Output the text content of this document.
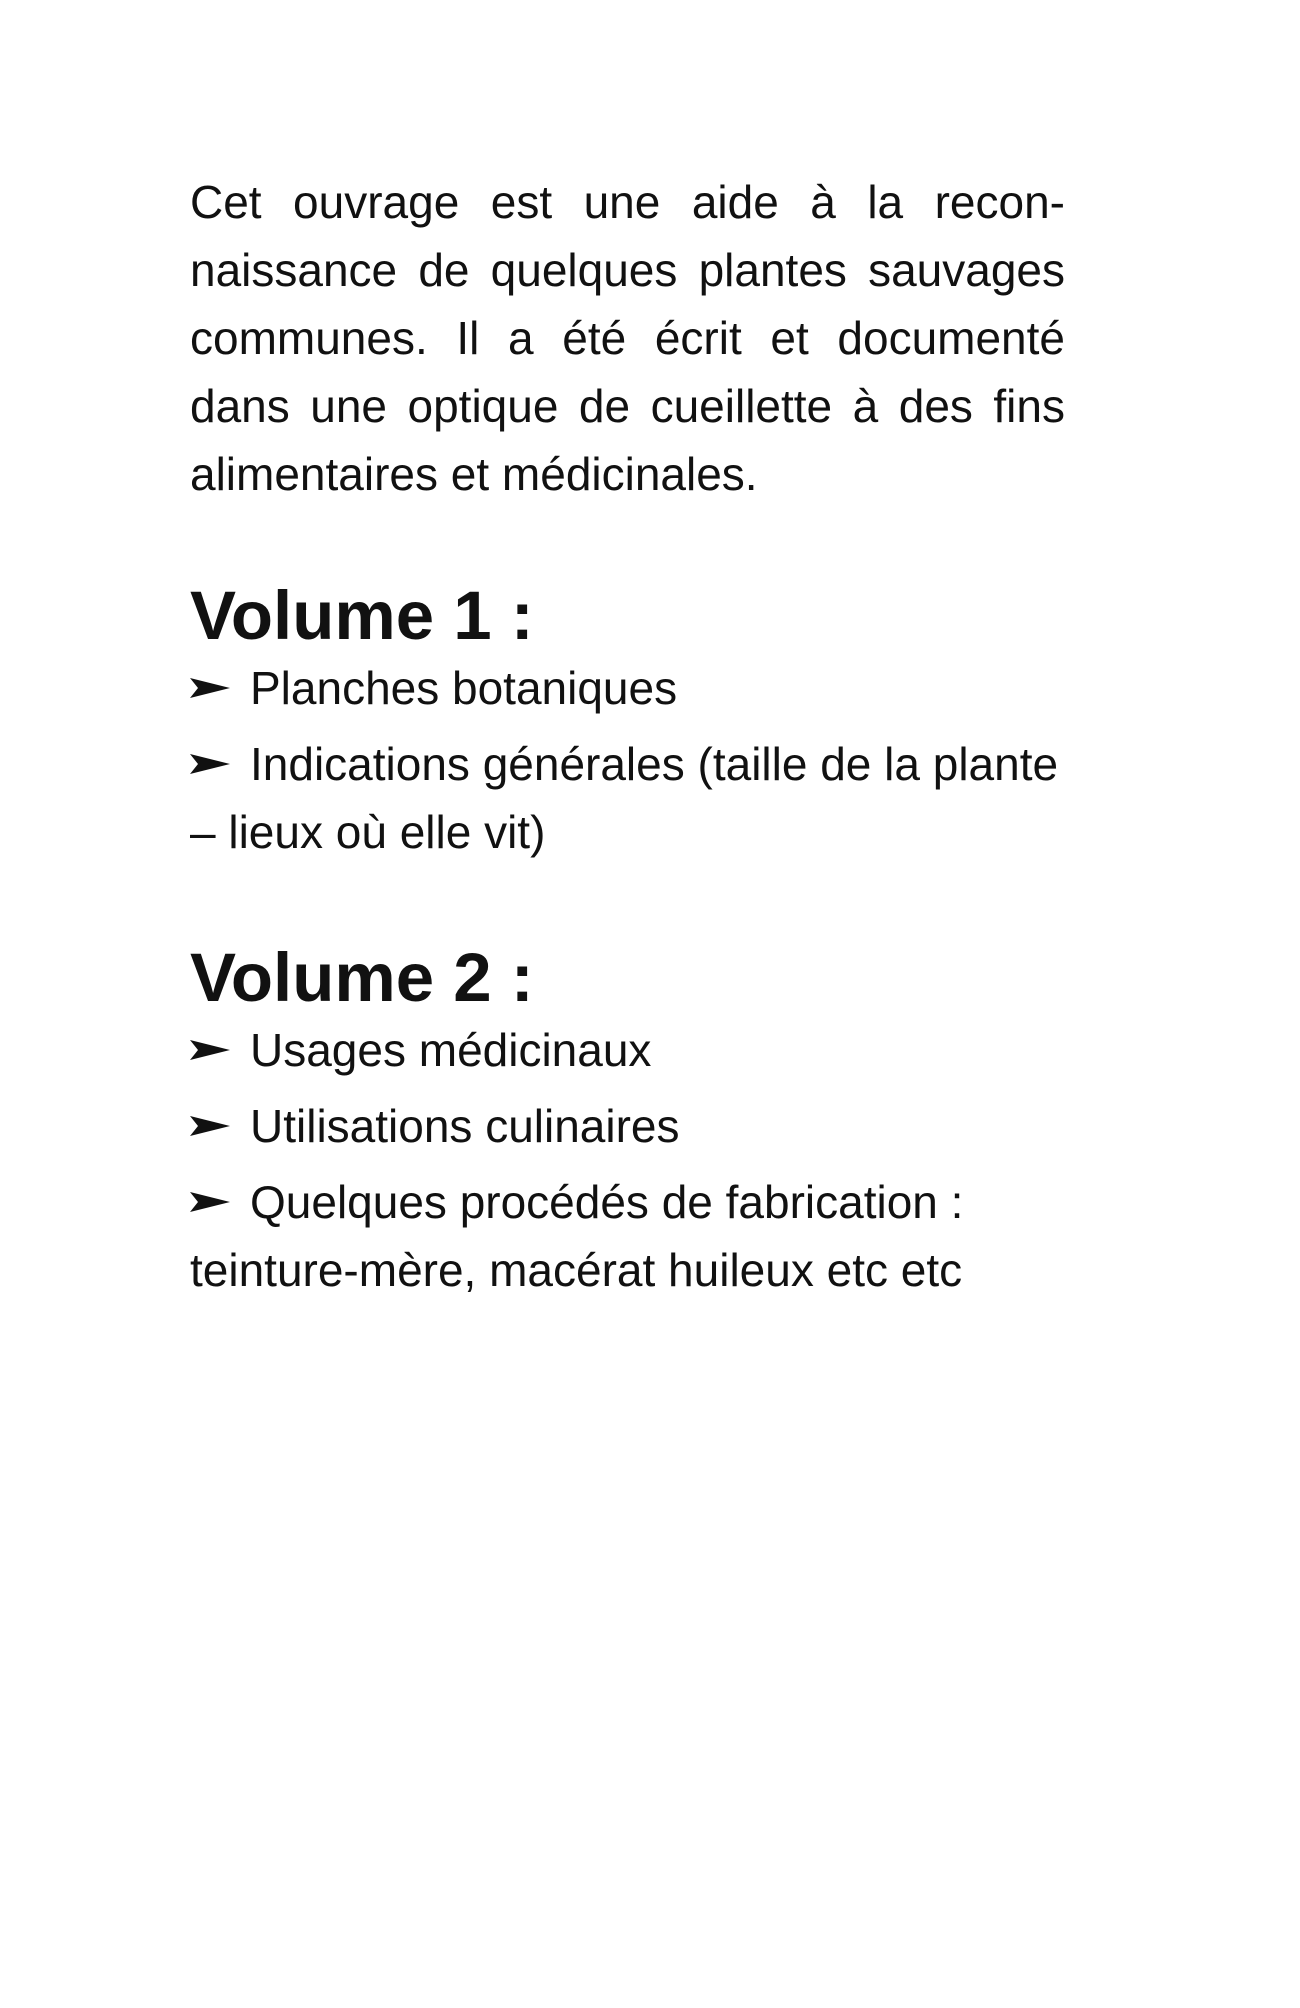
Cet ouvrage est une aide à la reconnaissance de quelques plantes sauvages communes. Il a été écrit et documenté dans une optique de cueillette à des fins alimentaires et médicinales.

Volume 1 :
Planches botaniques
Indications générales (taille de la plante – lieux où elle vit)
Volume 2 :
Usages médicinaux
Utilisations culinaires
Quelques procédés de fabrication : teinture-mère, macérat huileux etc etc
